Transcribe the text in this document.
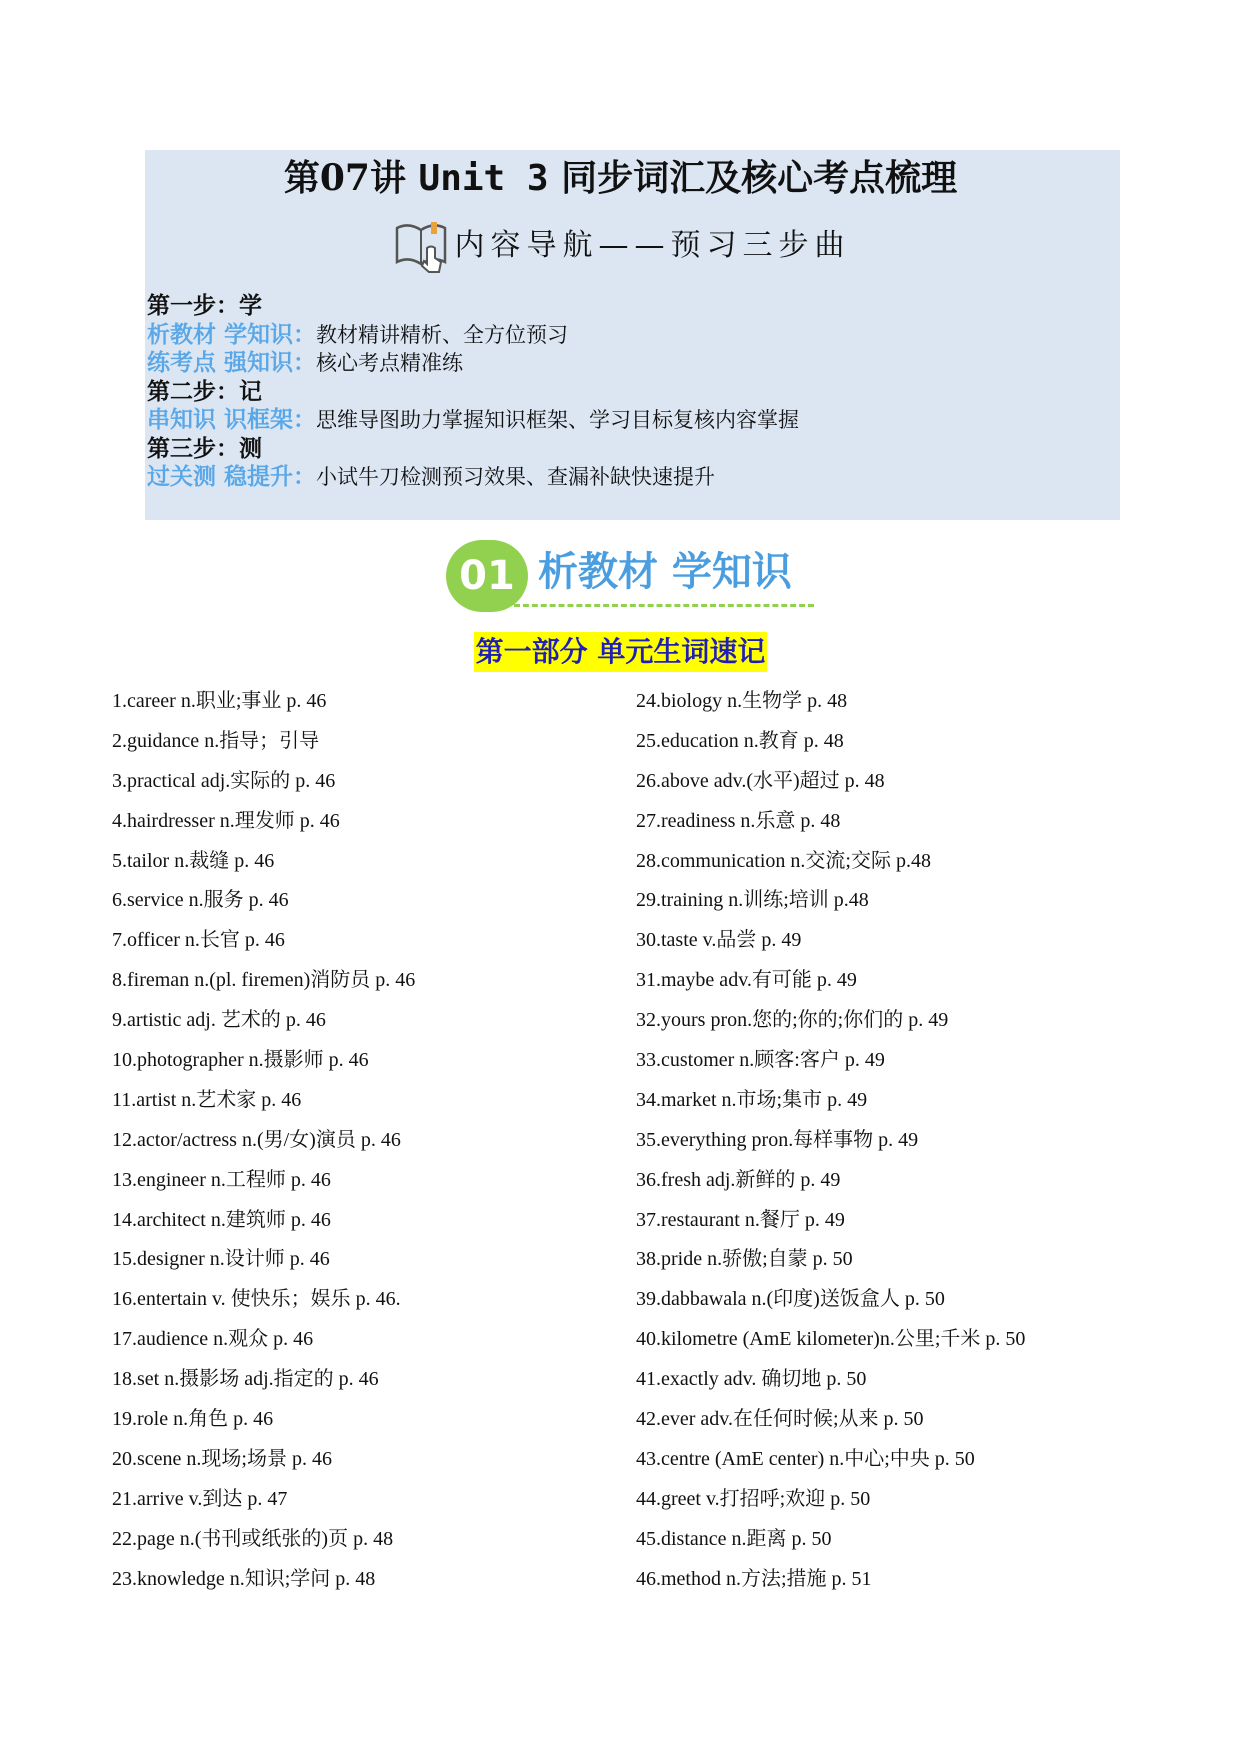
第07讲 Unit 3 同步词汇及核心考点梳理
内容导航——预习三步曲
第一步：学
析教材 学知识：教材精讲精析、全方位预习
练考点 强知识：核心考点精准练
第二步：记
串知识 识框架：思维导图助力掌握知识框架、学习目标复核内容掌握
第三步：测
过关测 稳提升：小试牛刀检测预习效果、查漏补缺快速提升
01 析教材 学知识
第一部分 单元生词速记
1.career n.职业;事业 p. 46
2.guidance n.指导；引导
3.practical adj.实际的 p. 46
4.hairdresser n.理发师 p. 46
5.tailor n.裁缝 p. 46
6.service n.服务 p. 46
7.officer n.长官 p. 46
8.fireman n.(pl. firemen)消防员 p. 46
9.artistic adj. 艺术的 p. 46
10.photographer n.摄影师 p. 46
11.artist n.艺术家 p. 46
12.actor/actress n.(男/女)演员 p. 46
13.engineer n.工程师 p. 46
14.architect n.建筑师 p. 46
15.designer n.设计师 p. 46
16.entertain v. 使快乐；娱乐 p. 46.
17.audience n.观众 p. 46
18.set n.摄影场 adj.指定的 p. 46
19.role n.角色 p. 46
20.scene n.现场;场景 p. 46
21.arrive v.到达 p. 47
22.page n.(书刊或纸张的)页 p. 48
23.knowledge n.知识;学问 p. 48
24.biology n.生物学 p. 48
25.education n.教育 p. 48
26.above adv.(水平)超过 p. 48
27.readiness n.乐意 p. 48
28.communication n.交流;交际 p.48
29.training n.训练;培训 p.48
30.taste v.品尝 p. 49
31.maybe adv.有可能 p. 49
32.yours pron.您的;你的;你们的 p. 49
33.customer n.顾客:客户 p. 49
34.market n.市场;集市 p. 49
35.everything pron.每样事物 p. 49
36.fresh adj.新鲜的 p. 49
37.restaurant n.餐厅 p. 49
38.pride n.骄傲;自蒙 p. 50
39.dabbawala n.(印度)送饭盒人 p. 50
40.kilometre (AmE kilometer)n.公里;千米 p. 50
41.exactly adv. 确切地 p. 50
42.ever adv.在任何时候;从来 p. 50
43.centre (AmE center) n.中心;中央 p. 50
44.greet v.打招呼;欢迎 p. 50
45.distance n.距离 p. 50
46.method n.方法;措施 p. 51
